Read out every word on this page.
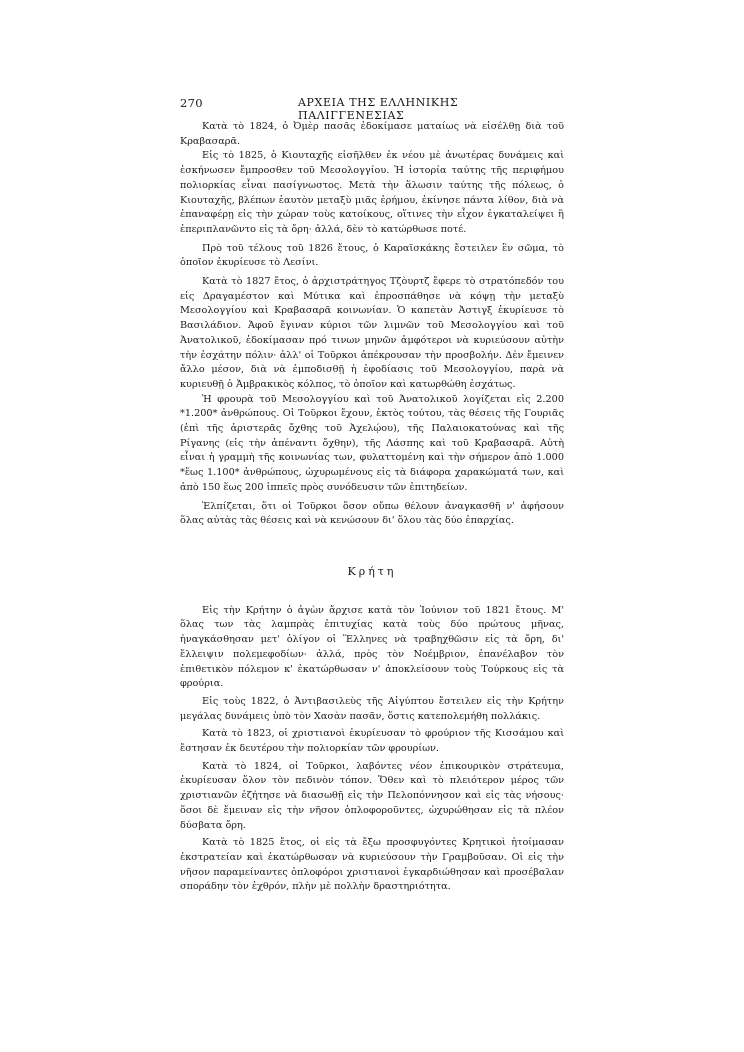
270	ΑΡΧΕΙΑ ΤΗΣ ΕΛΛΗΝΙΚΗΣ ΠΑΛΙΓΓΕΝΕΣΙΑΣ

Κατὰ τὸ 1824, ὁ Ὀμὲρ πασᾶς ἐδοκίμασε ματαίως νὰ εἰσέλθῃ διὰ τοῦ Κραβασαρᾶ.

Εἰς τὸ 1825, ὁ Κιουταχῆς εἰσῆλθεν ἐκ νέου μὲ ἀνωτέρας δυνάμεις καὶ ἐσκήνωσεν ἔμπροσθεν τοῦ Μεσολογγίου. Ἡ ἱστορία ταύτης τῆς περιφήμου πολιορκίας εἶναι πασίγνωστος. Μετὰ τὴν ἅλωσιν ταύτης τῆς πόλεως, ὁ Κιουταχῆς, βλέπων ἑαυτὸν μεταξὺ μιᾶς ἐρήμου, ἐκίνησε πάντα λίθον, διὰ νὰ ἐπαναφέρῃ εἰς τὴν χώραν τοὺς κατοίκους, οἵτινες τὴν εἶχον ἐγκαταλείψει ἢ ἐπεριπλανῶντο εἰς τὰ ὄρη· ἀλλά, δὲν τὸ κατώρθωσε ποτέ.

Πρὸ τοῦ τέλους τοῦ 1826 ἔτους, ὁ Καραϊσκάκης ἔστειλεν ἓν σῶμα, τὸ ὁποῖον ἐκυρίευσε τὸ Λεσίνι.

Κατὰ τὸ 1827 ἔτος, ὁ ἀρχιστράτηγος Τζὸυρτζ ἔφερε τὸ στρατόπεδόν του εἰς Δραγαμέστον καὶ Μύτικα καὶ ἐπροσπάθησε νὰ κόψῃ τὴν μεταξὺ Μεσολογγίου καὶ Κραβασαρᾶ κοινωνίαν. Ὁ καπετὰν Ἀστιγξ ἐκυρίευσε τὸ Βασιλάδιον. Ἀφοῦ ἔγιναν κύριοι τῶν λιμνῶν τοῦ Μεσολογγίου καὶ τοῦ Ἀνατολικοῦ, ἐδοκίμασαν πρό τινων μηνῶν ἀμφότεροι νὰ κυριεύσουν αὐτὴν τὴν ἐσχάτην πόλιν· ἀλλ' οἱ Τοῦρκοι ἀπέκρουσαν τὴν προσβολήν. Δὲν ἔμεινεν ἄλλο μέσον, διὰ νὰ ἐμποδισθῇ ἡ ἐφοδίασις τοῦ Μεσολογγίου, παρὰ νὰ κυριευθῇ ὁ Ἀμβρακικὸς κόλπος, τὸ ὁποῖον καὶ κατωρθώθη ἐσχάτως.

Ἡ φρουρὰ τοῦ Μεσολογγίου καὶ τοῦ Ἀνατολικοῦ λογίζεται εἰς 2.200 *1.200* ἀνθρώπους. Οἱ Τοῦρκοι ἔχουν, ἐκτὸς τούτου, τὰς θέσεις τῆς Γουριᾶς (ἐπὶ τῆς ἀριστερᾶς ὄχθης τοῦ Ἀχελῴου), τῆς Παλαιοκατούνας καὶ τῆς Ρίγανης (εἰς τὴν ἀπέναντι ὄχθην), τῆς Λάσπης καὶ τοῦ Κραβασαρᾶ. Αὐτὴ εἶναι ἡ γραμμὴ τῆς κοινωνίας των, φυλαττομένη καὶ τὴν σήμερον ἀπὸ 1.000 *ἕως 1.100* ἀνθρώπους, ὠχυρωμένους εἰς τὰ διάφορα χαρακώματά των, καὶ ἀπὸ 150 ἕως 200 ἱππεῖς πρὸς συνόδευσιν τῶν ἐπιτηδείων.

Ἐλπίζεται, ὅτι οἱ Τοῦρκοι ὅσον οὔπω θέλουν ἀναγκασθῆ ν' ἀφήσουν ὅλας αὐτὰς τὰς θέσεις καὶ νὰ κενώσουν δι' ὅλου τὰς δύο ἐπαρχίας.

Κρήτη

Εἰς τὴν Κρήτην ὁ ἀγὼν ἄρχισε κατὰ τὸν Ἰούνιον τοῦ 1821 ἔτους. Μ' ὅλας των τὰς λαμπρὰς ἐπιτυχίας κατὰ τοὺς δύο πρώτους μῆνας, ἠναγκάσθησαν μετ' ὀλίγον οἱ Ἕλληνες νὰ τραβηχθῶσιν εἰς τὰ ὄρη, δι' ἔλλειψιν πολεμεφοδίων· ἀλλά, πρὸς τὸν Νοέμβριον, ἐπανέλαβον τὸν ἐπιθετικὸν πόλεμον κ' ἐκατώρθωσαν ν' ἀποκλείσουν τοὺς Τούρκους εἰς τὰ φρούρια.

Εἰς τοὺς 1822, ὁ Ἀντιβασιλεὺς τῆς Αἰγύπτου ἔστειλεν εἰς τὴν Κρήτην μεγάλας δυνάμεις ὑπὸ τὸν Χασὰν πασᾶν, ὅστις κατεπολεμήθη πολλάκις.

Κατὰ τὸ 1823, οἱ χριστιανοὶ ἐκυρίευσαν τὸ φρούριον τῆς Κισσάμου καὶ ἔστησαν ἐκ δευτέρου τὴν πολιορκίαν τῶν φρουρίων.

Κατὰ τὸ 1824, οἱ Τοῦρκοι, λαβόντες νέον ἐπικουρικὸν στράτευμα, ἐκυρίευσαν ὅλον τὸν πεδινὸν τόπον. Ὅθεν καὶ τὸ πλειότερον μέρος τῶν χριστιανῶν ἐζήτησε νὰ διασωθῇ εἰς τὴν Πελοπόννησον καὶ εἰς τὰς νήσους· ὅσοι δὲ ἔμειναν εἰς τὴν νῆσον ὁπλοφοροῦντες, ὠχυρώθησαν εἰς τὰ πλέον δύσβατα ὄρη.

Κατὰ τὸ 1825 ἔτος, οἱ εἰς τὰ ἔξω προσφυγόντες Κρητικοὶ ἡτοίμασαν ἐκστρατείαν καὶ ἐκατώρθωσαν νὰ κυριεύσουν τὴν Γραμβοῦσαν. Οἱ εἰς τὴν νῆσον παραμείναντες ὁπλοφόροι χριστιανοὶ ἐγκαρδιώθησαν καὶ προσέβαλαν σποράδην τὸν ἐχθρόν, πλὴν μὲ πολλὴν δραστηριότητα.
